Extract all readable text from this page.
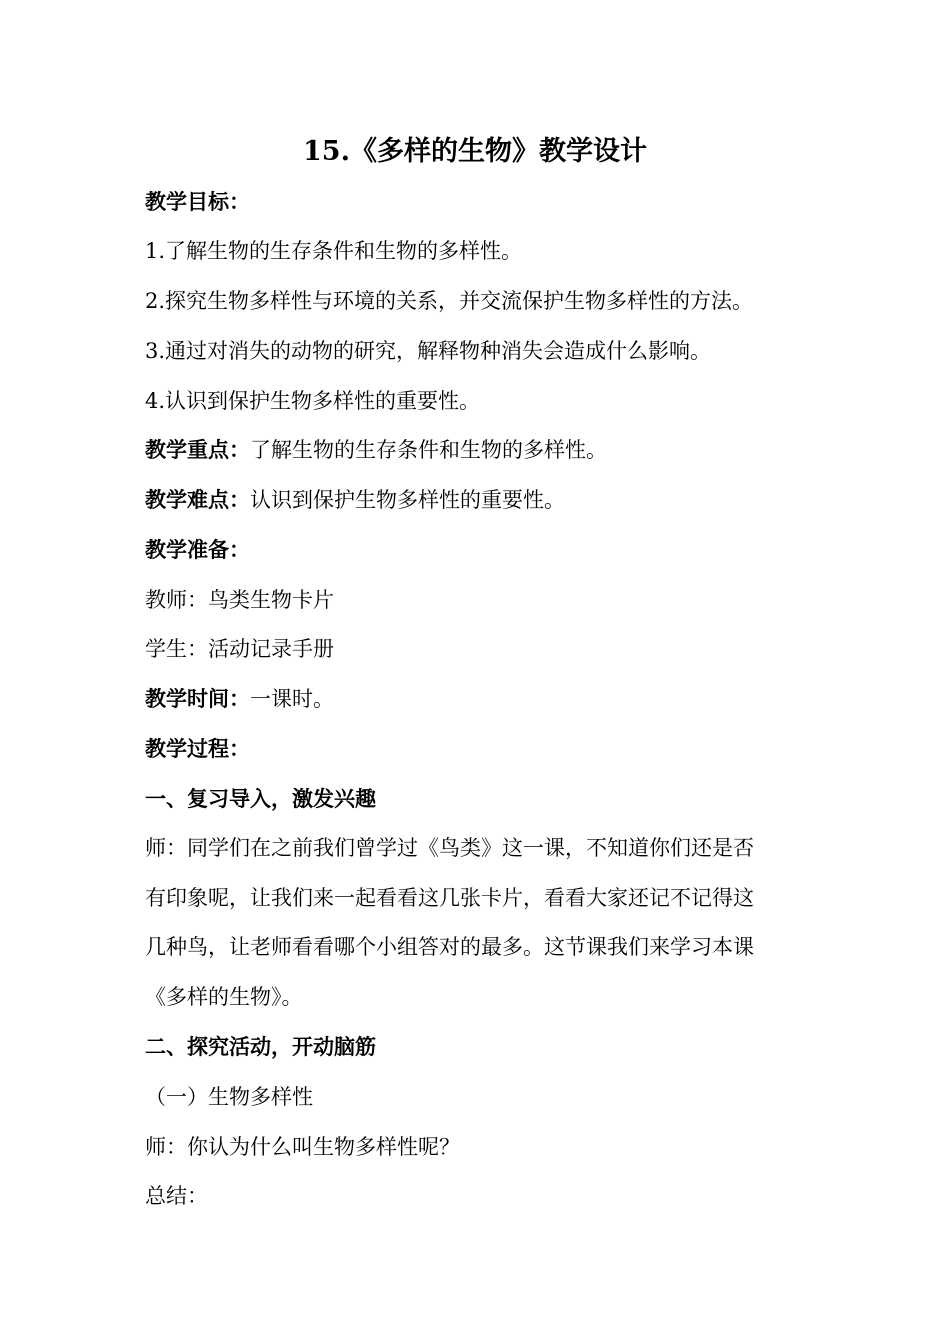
15.《多样的生物》教学设计
教学目标：
1.了解生物的生存条件和生物的多样性。
2.探究生物多样性与环境的关系，并交流保护生物多样性的方法。
3.通过对消失的动物的研究，解释物种消失会造成什么影响。
4.认识到保护生物多样性的重要性。
教学重点：了解生物的生存条件和生物的多样性。
教学难点：认识到保护生物多样性的重要性。
教学准备：
教师：鸟类生物卡片
学生：活动记录手册
教学时间：一课时。
教学过程：
一、复习导入，激发兴趣
师：同学们在之前我们曾学过《鸟类》这一课，不知道你们还是否
有印象呢，让我们来一起看看这几张卡片，看看大家还记不记得这
几种鸟，让老师看看哪个小组答对的最多。这节课我们来学习本课
《多样的生物》。
二、探究活动，开动脑筋
（一）生物多样性
师：你认为什么叫生物多样性呢？
总结：
